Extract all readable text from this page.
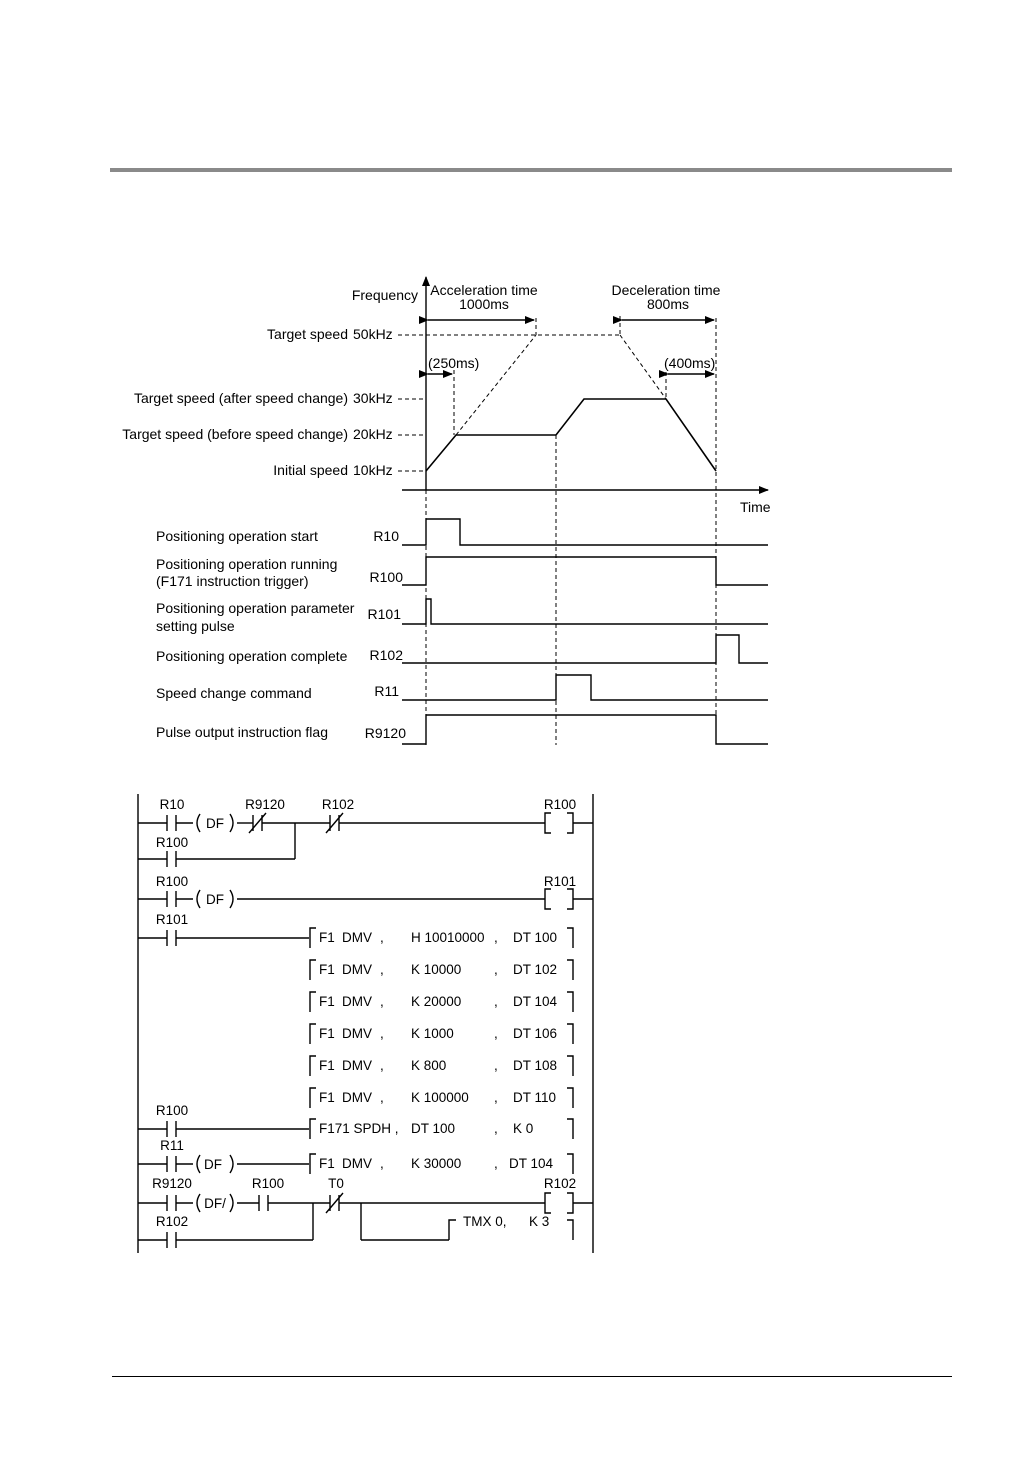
Frequency
Time
Acceleration time
1000ms
Deceleration time
800ms
(250ms)	(400ms)
Target speed 50kHz
Target speed (after speed change) 30kHz
Target speed (before speed change) 20kHz
Initial speed 10kHz
Positioning operation start	R10
Positioning operation running
(F171 instruction trigger)	R100
Positioning operation parameter
setting pulse
R101
Positioning operation complete R102
Speed change command	R11
Pulse output instruction flag	R9120
R10
DF
R9120	R102	R100
R100
R100
DF
R101
R101
F1 DMV , H 10010000 , DT 100
F1 DMV , K 10000 , DT 102
F1 DMV , K 20000 , DT 104
F1 DMV , K 1000	, DT 106
F1 DMV , K 800	, DT 108
F1 DMV , K 100000 , DT 110
R100
F171 SPDH , DT 100	, K 0
R11
DF	F1 DMV , K 30000 , DT 104
R9120
DF/
R100	T0	R102
R102	TMX 0, K 3
